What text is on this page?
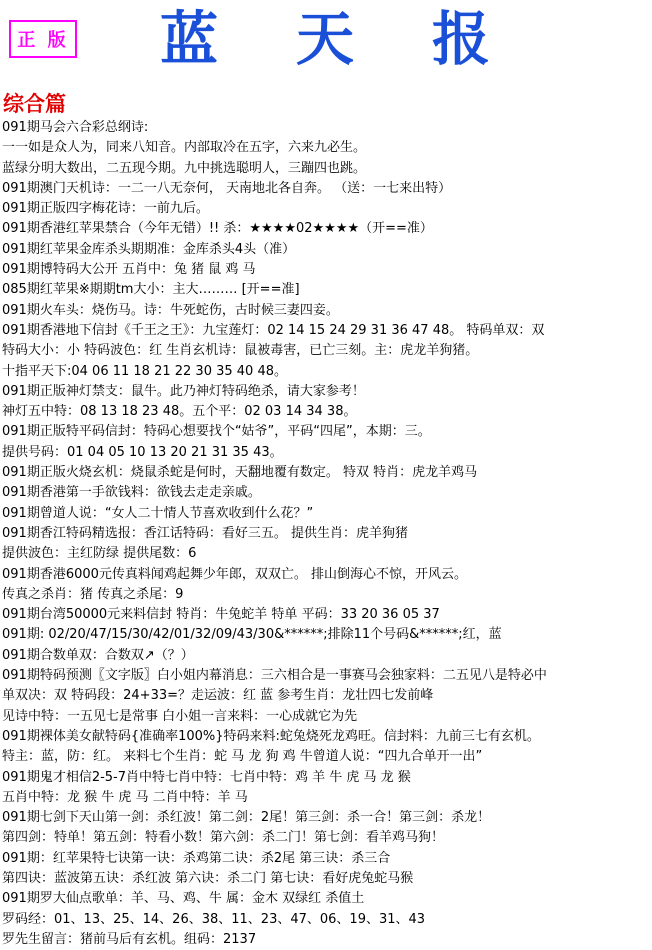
正 版 蓝 天 报
综合篇
091期马会六合彩总纲诗:
一一如是众人为，同来八知音。内部取冷在五字，六来九必生。
蓝绿分明大数出，二五现今期。九中挑选聪明人，三蹦四也跳。
091期澳门天机诗：一二一八无奈何， 天南地北各自奔。 （送：一七来出特）
091期正版四字梅花诗：一前九后。
091期香港红苹果禁合（今年无错）!! 杀：★★★★02★★★★（开==准）
091期红苹果金库杀头期期准：金库杀头4头（准）
091期博特码大公开 五肖中：兔 猪 鼠 鸡 马
085期红苹果※期期tm大小：主大……… [开==准]
091期火车头：烧伤马。诗：牛死蛇伤，古时候三妻四妾。
091期香港地下信封《千王之王》：九宝莲灯：02 14 15 24 29 31 36 47 48。 特码单双：双
特码大小：小 特码波色：红 生肖玄机诗：鼠被毒害，已亡三刻。主：虎龙羊狗猪。
十指平天下:04 06 11 18 21 22 30 35 40 48。
091期正版神灯禁支：鼠牛。此乃神灯特码绝杀，请大家参考！
神灯五中特：08 13 18 23 48。五个平：02 03 14 34 38。
091期正版特平码信封：特码心想要找个“姑爷”，平码“四尾”，本期：三。
提供号码：01 04 05 10 13 20 21 31 35 43。
091期正版火烧玄机：烧鼠杀蛇是何时，天翻地覆有数定。 特双 特肖：虎龙羊鸡马
091期香港第一手欲钱料：欲钱去走走亲戚。
091期曾道人说：“女人二十情人节喜欢收到什么花？”
091期香江特码精选报：香江话特码：看好三五。 提供生肖：虎羊狗猪
提供波色：主红防绿 提供尾数：6
091期香港6000元传真料闻鸡起舞少年郎，双双亡。 排山倒海心不惊，开风云。
传真之杀肖：猪 传真之杀尾：9
091期台湾50000元来料信封 特肖：牛兔蛇羊 特单 平码：33 20 36 05 37
091期: 02/20/47/15/30/42/01/32/09/43/30&******;排除11个号码&******;红，蓝
091期合数单双：合数双↗（？）
091期特码预测〖文字版〗白小姐内幕消息：三六相合是一事赛马会独家料：二五见八是特必中
单双决：双 特码段：24+33=？走运波：红 蓝 参考生肖：龙壮四七发前峰
见诗中特：一五见七是常事 白小姐一言来料：一心成就它为先
091期裸体美女献特码{准确率100%}特码来料:蛇兔烧死龙鸡旺。信封料：九前三七有玄机。
特主：蓝，防：红。 来料七个生肖：蛇 马 龙 狗 鸡 牛曾道人说：“四九合单开一出”
091期鬼才相信2-5-7肖中特七肖中特：七肖中特：鸡 羊 牛 虎 马 龙 猴
五肖中特：龙 猴 牛 虎 马 二肖中特：羊 马
091期七剑下天山第一剑：杀红波！第二剑：2尾！第三剑：杀一合！第三剑：杀龙！
第四剑：特单！第五剑：特看小数！第六剑：杀二门！第七剑：看羊鸡马狗！
091期：红苹果特七诀第一诀：杀鸡第二诀：杀2尾 第三诀：杀三合
第四诀：蓝波第五诀：杀红波 第六诀：杀二门 第七诀：看好虎兔蛇马猴
091期罗大仙点歌单：羊、马、鸡、牛 属：金木 双绿红 杀值土
罗码经：01、13、25、14、26、38、11、23、47、06、19、31、43
罗先生留言：猪前马后有玄机。组码：2137
